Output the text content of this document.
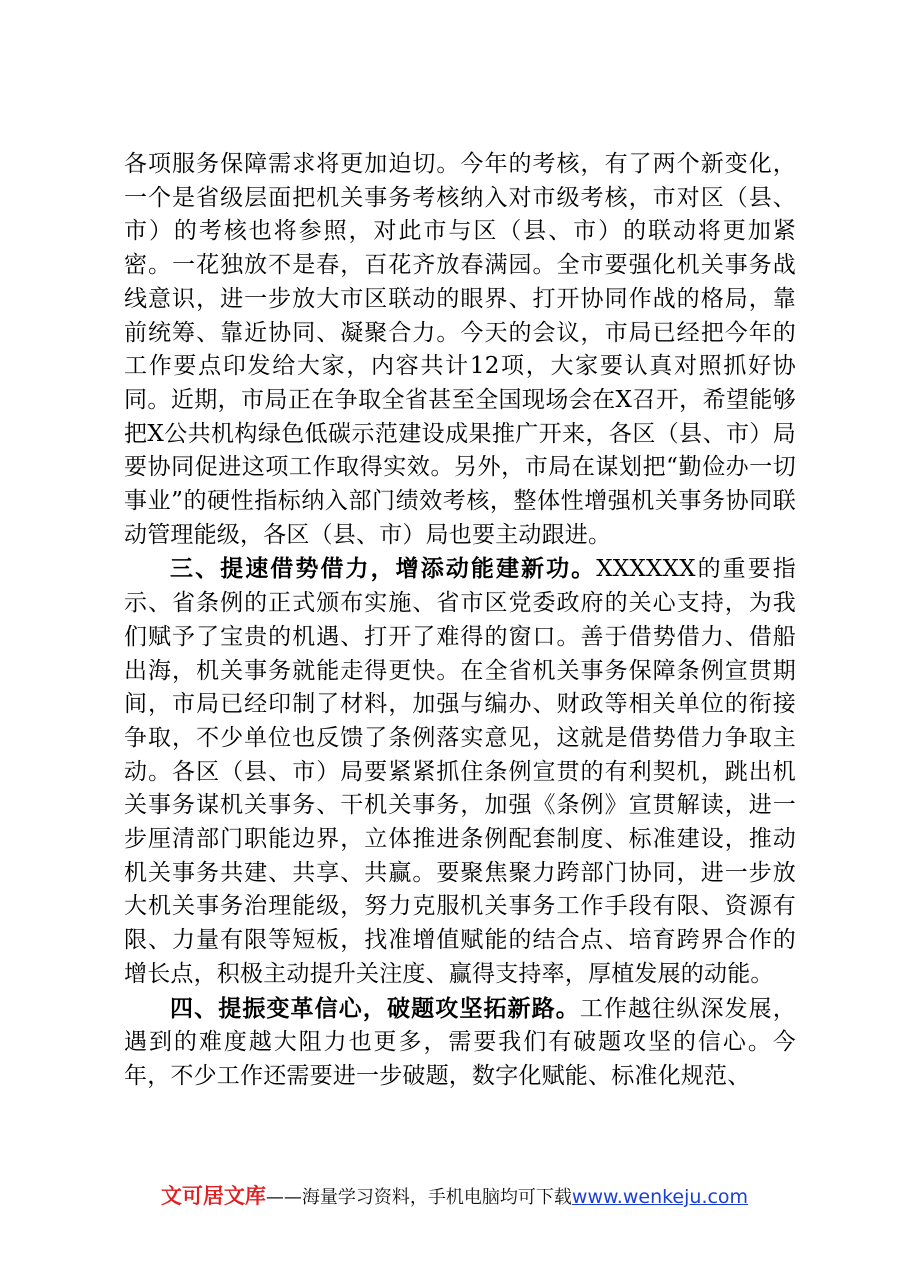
各项服务保障需求将更加迫切。今年的考核，有了两个新变化，一个是省级层面把机关事务考核纳入对市级考核，市对区（县、市）的考核也将参照，对此市与区（县、市）的联动将更加紧密。一花独放不是春，百花齐放春满园。全市要强化机关事务战线意识，进一步放大市区联动的眼界、打开协同作战的格局，靠前统筹、靠近协同、凝聚合力。今天的会议，市局已经把今年的工作要点印发给大家，内容共计12项，大家要认真对照抓好协同。近期，市局正在争取全省甚至全国现场会在X召开，希望能够把X公共机构绿色低碳示范建设成果推广开来，各区（县、市）局要协同促进这项工作取得实效。另外，市局在谋划把“勤俭办一切事业”的硬性指标纳入部门绩效考核，整体性增强机关事务协同联动管理能级，各区（县、市）局也要主动跟进。

三、提速借势借力，增添动能建新功。XXXXXX的重要指示、省条例的正式颁布实施、省市区党委政府的关心支持，为我们赋予了宝贵的机遇、打开了难得的窗口。善于借势借力、借船出海，机关事务就能走得更快。在全省机关事务保障条例宣贯期间，市局已经印制了材料，加强与编办、财政等相关单位的衔接争取，不少单位也反馈了条例落实意见，这就是借势借力争取主动。各区（县、市）局要紧紧抓住条例宣贯的有利契机，跳出机关事务谋机关事务、干机关事务，加强《条例》宣贯解读，进一步厘清部门职能边界，立体推进条例配套制度、标准建设，推动机关事务共建、共享、共赢。要聚焦聚力跨部门协同，进一步放大机关事务治理能级，努力克服机关事务工作手段有限、资源有限、力量有限等短板，找准增值赋能的结合点、培育跨界合作的增长点，积极主动提升关注度、赢得支持率，厚植发展的动能。

四、提振变革信心，破题攻坚拓新路。工作越往纵深发展，遇到的难度越大阻力也更多，需要我们有破题攻坚的信心。今年，不少工作还需要进一步破题，数字化赋能、标准化规范、

文可居文库——海量学习资料，手机电脑均可下载www.wenkeju.com
